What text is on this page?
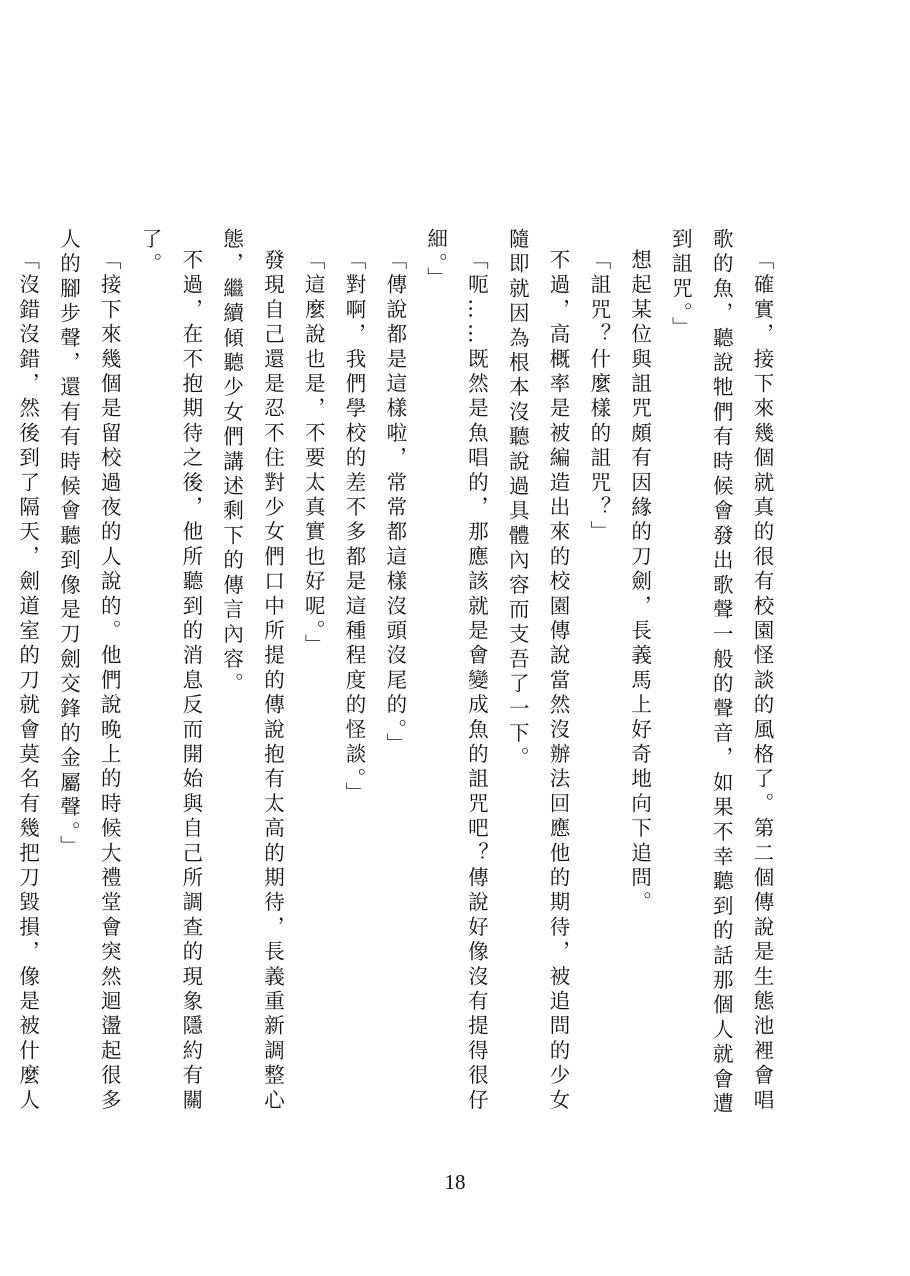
「確實，接下來幾個就真的很有校園怪談的風格了。第二個傳說是生態池裡會唱歌的魚，聽說牠們有時候會發出歌聲一般的聲音，如果不幸聽到的話那個人就會遭到詛咒。」

想起某位與詛咒頗有因緣的刀劍，長義馬上好奇地向下追問。

「詛咒？什麼樣的詛咒？」

不過，高概率是被編造出來的校園傳說當然沒辦法回應他的期待，被追問的少女隨即就因為根本沒聽說過具體內容而支吾了一下。

「呃……既然是魚唱的，那應該就是會變成魚的詛咒吧？傳說好像沒有提得很仔細。」

「傳說都是這樣啦，常常都這樣沒頭沒尾的。」

「對啊，我們學校的差不多都是這種程度的怪談。」

「這麼說也是，不要太真實也好呢。」

發現自己還是忍不住對少女們口中所提的傳說抱有太高的期待，長義重新調整心態，繼續傾聽少女們講述剩下的傳言內容。

不過，在不抱期待之後，他所聽到的消息反而開始與自己所調查的現象隱約有關了。

「接下來幾個是留校過夜的人說的。他們說晚上的時候大禮堂會突然迴盪起很多人的腳步聲，還有有時候會聽到像是刀劍交鋒的金屬聲。」

「沒錯沒錯，然後到了隔天，劍道室的刀就會莫名有幾把刀毀損，像是被什麼人

18
